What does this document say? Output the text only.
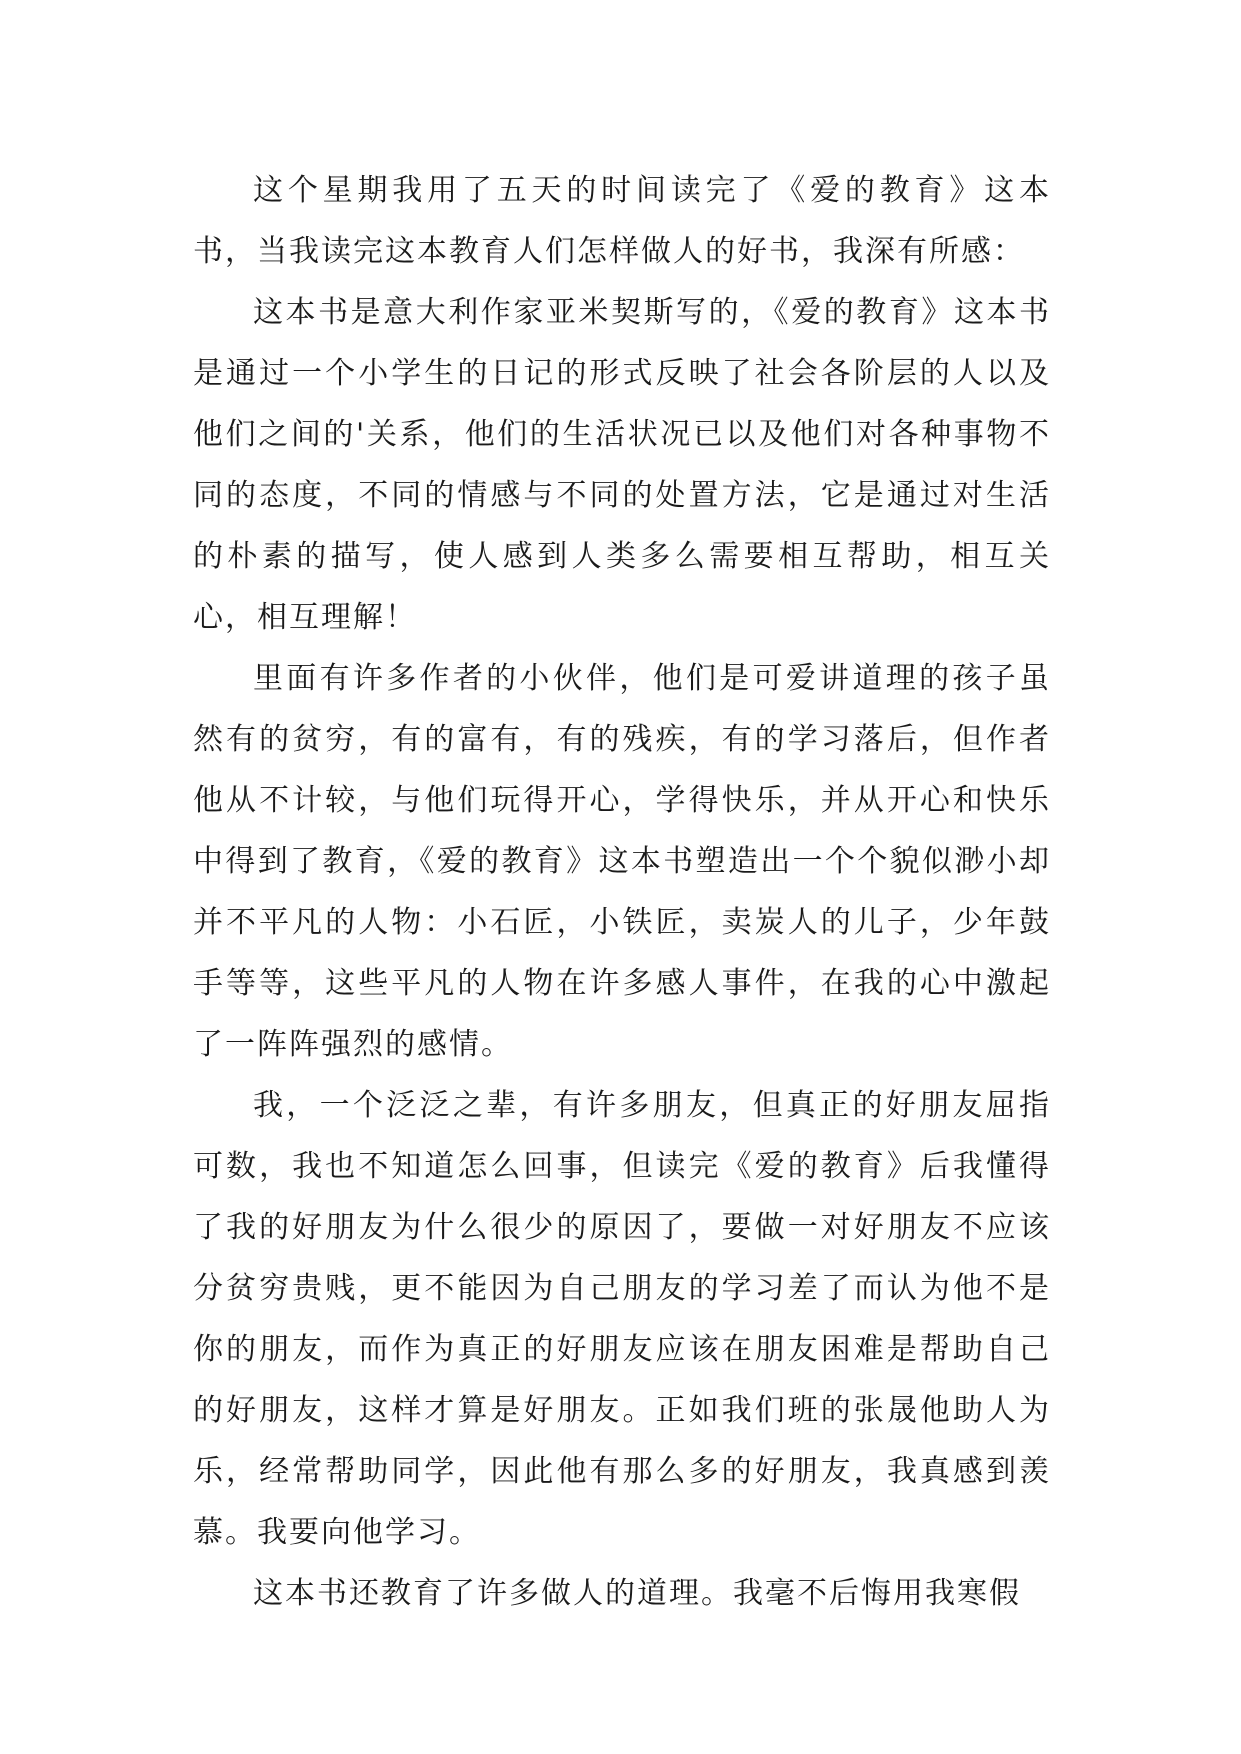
这个星期我用了五天的时间读完了《爱的教育》这本书，当我读完这本教育人们怎样做人的好书，我深有所感：

这本书是意大利作家亚米契斯写的，《爱的教育》这本书是通过一个小学生的日记的形式反映了社会各阶层的人以及他们之间的'关系，他们的生活状况已以及他们对各种事物不同的态度，不同的情感与不同的处置方法，它是通过对生活的朴素的描写，使人感到人类多么需要相互帮助，相互关心，相互理解！

里面有许多作者的小伙伴，他们是可爱讲道理的孩子虽然有的贫穷，有的富有，有的残疾，有的学习落后，但作者他从不计较，与他们玩得开心，学得快乐，并从开心和快乐中得到了教育，《爱的教育》这本书塑造出一个个貌似渺小却并不平凡的人物：小石匠，小铁匠，卖炭人的儿子，少年鼓手等等，这些平凡的人物在许多感人事件，在我的心中激起了一阵阵强烈的感情。

我，一个泛泛之辈，有许多朋友，但真正的好朋友屈指可数，我也不知道怎么回事，但读完《爱的教育》后我懂得了我的好朋友为什么很少的原因了，要做一对好朋友不应该分贫穷贵贱，更不能因为自己朋友的学习差了而认为他不是你的朋友，而作为真正的好朋友应该在朋友困难是帮助自己的好朋友，这样才算是好朋友。正如我们班的张晟他助人为乐，经常帮助同学，因此他有那么多的好朋友，我真感到羡慕。我要向他学习。

这本书还教育了许多做人的道理。我毫不后悔用我寒假
